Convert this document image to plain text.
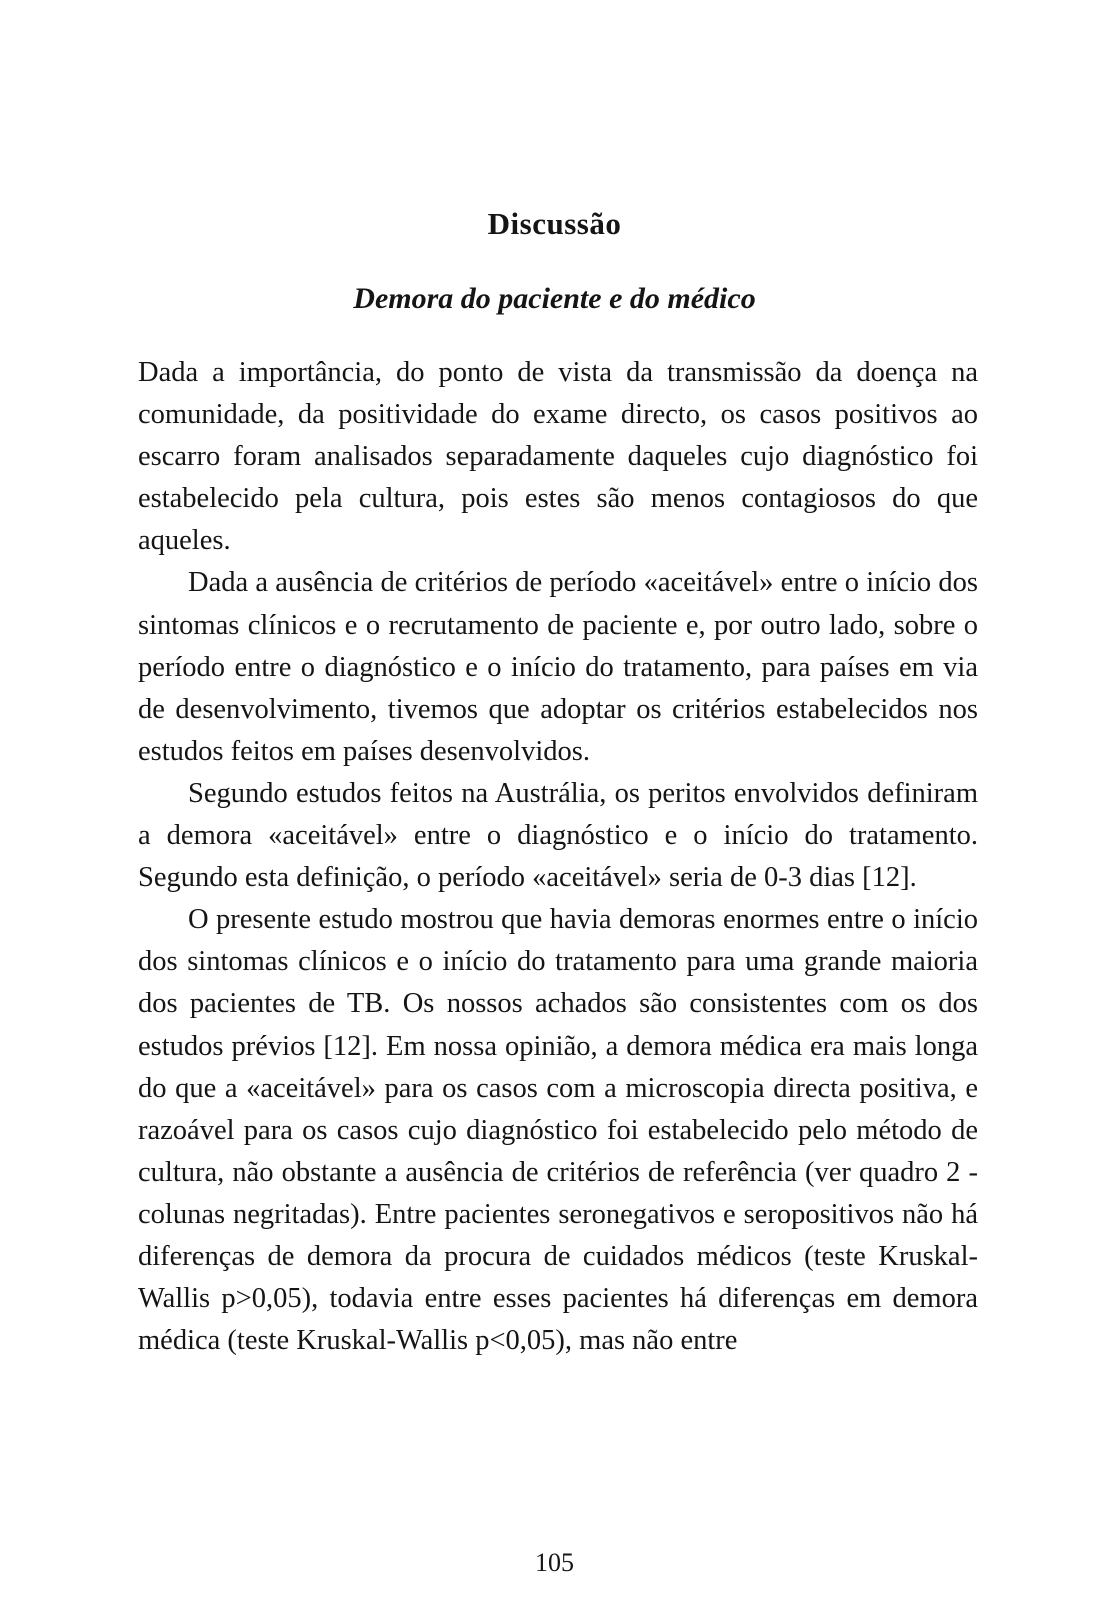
Discussão
Demora do paciente e do médico

Dada a importância, do ponto de vista da transmissão da doença na comunidade, da positividade do exame directo, os casos positivos ao escarro foram analisados separadamente daqueles cujo diagnóstico foi estabelecido pela cultura, pois estes são menos contagiosos do que aqueles.

Dada a ausência de critérios de período «aceitável» entre o início dos sintomas clínicos e o recrutamento de paciente e, por outro lado, sobre o período entre o diagnóstico e o início do tratamento, para países em via de desenvolvimento, tivemos que adoptar os critérios estabelecidos nos estudos feitos em países desenvolvidos.

Segundo estudos feitos na Austrália, os peritos envolvidos definiram a demora «aceitável» entre o diagnóstico e o início do tratamento. Segundo esta definição, o período «aceitável» seria de 0-3 dias [12].

O presente estudo mostrou que havia demoras enormes entre o início dos sintomas clínicos e o início do tratamento para uma grande maioria dos pacientes de TB. Os nossos achados são consistentes com os dos estudos prévios [12]. Em nossa opinião, a demora médica era mais longa do que a «aceitável» para os casos com a microscopia directa positiva, e razoável para os casos cujo diagnóstico foi estabelecido pelo método de cultura, não obstante a ausência de critérios de referência (ver quadro 2 - colunas negritadas). Entre pacientes seronegativos e seropositivos não há diferenças de demora da procura de cuidados médicos (teste Kruskal-Wallis p>0,05), todavia entre esses pacientes há diferenças em demora médica (teste Kruskal-Wallis p<0,05), mas não entre

105
